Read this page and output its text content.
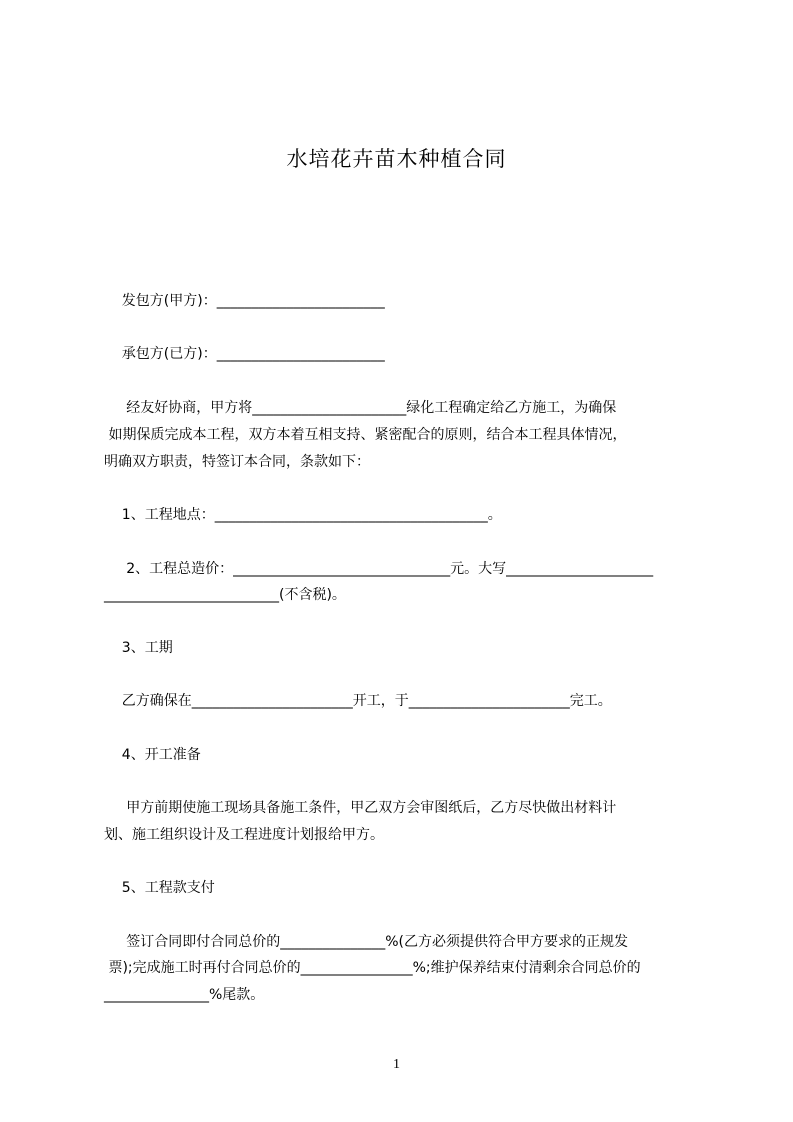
水培花卉苗木种植合同
发包方(甲方)：________________________
承包方(已方)：________________________
经友好协商，甲方将______________________绿化工程确定给乙方施工，为确保
如期保质完成本工程，双方本着互相支持、紧密配合的原则，结合本工程具体情况，
明确双方职责，特签订本合同，条款如下：
1、工程地点：_______________________________________。
2、工程总造价：_______________________________元。大写_____________________
_________________________(不含税)。
3、工期
乙方确保在_______________________开工，于_______________________完工。
4、开工准备
甲方前期使施工现场具备施工条件，甲乙双方会审图纸后，乙方尽快做出材料计
划、施工组织设计及工程进度计划报给甲方。
5、工程款支付
签订合同即付合同总价的_______________%(乙方必须提供符合甲方要求的正规发
票);完成施工时再付合同总价的________________%;维护保养结束付清剩余合同总价的
_______________%尾款。
1
